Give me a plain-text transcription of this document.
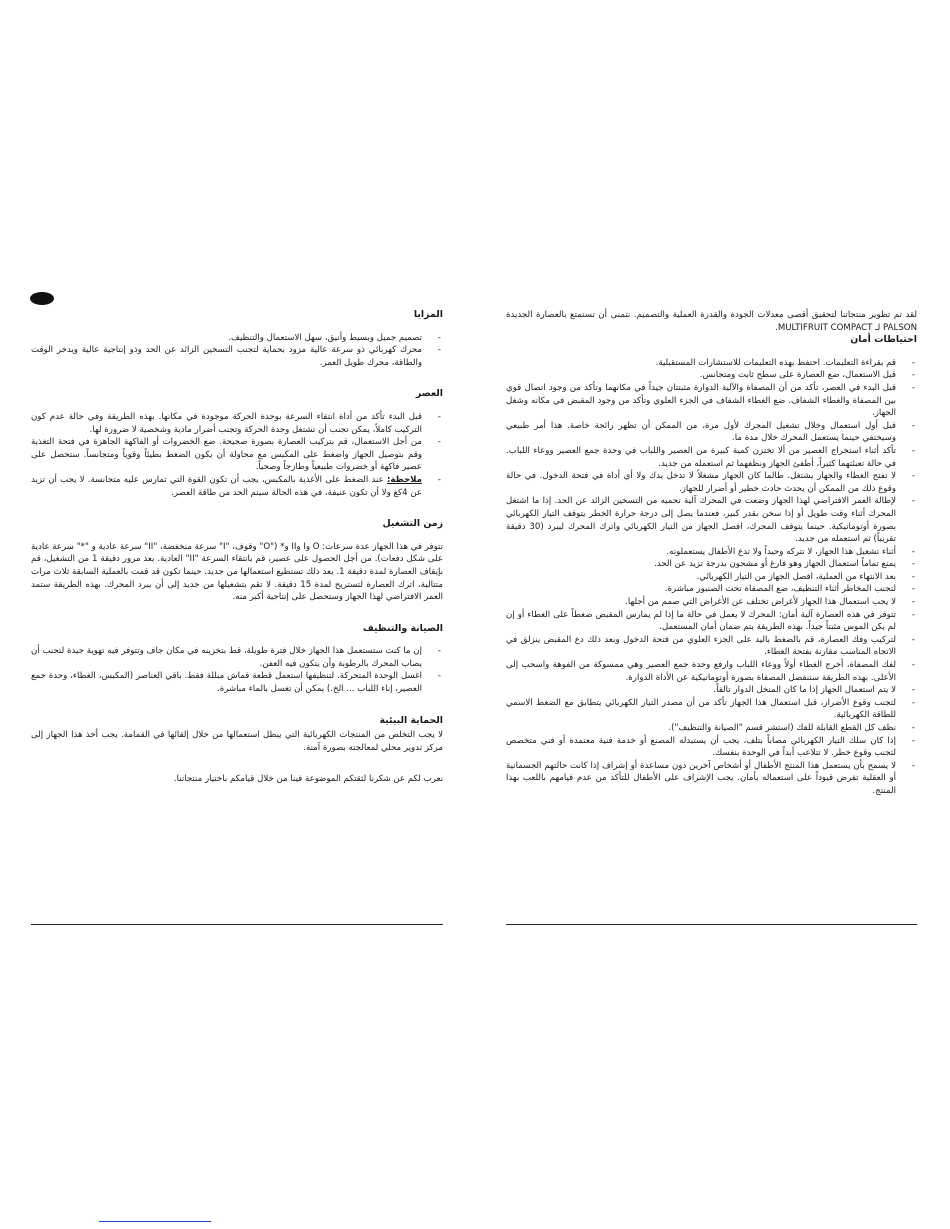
المزايا
- تصميم جميل وبسيط وأنيق، سهل الاستعمال والتنظيف.
- محرك كهربائي ذو سرعة عالية مزود بحماية لتجنب التسخين الزائد عن الحد وذو إنتاجية عالية ويدخر الوقت والطاقة، محرك طويل العمر.
العصر
- قبل البدء تأكد من أداة انتقاء السرعة بوحدة الحركة موجودة في مكانها. بهذه الطريقة وفي حالة عدم كون التركيب كاملاً، يمكن تجنب أن تشتغل وحدة الحركة وتجنب أضرار مادية وشخصية لا ضرورة لها.
- من أجل الاستعمال، قم بتركيب العصارة بصورة صحيحة. ضع الخضروات أو الفاكهة الجاهزة في فتحة التغذية وقم بتوصيل الجهاز واضغط على المكبس مع محاولة أن يكون الضغط بطيئاً وقوياً ومتجانساً. ستحصل على عصير فاكهة أو خضروات طبيعياً وطازجاً وصحياً.
- ملاحظة: عند الضغط على الأغذية بالمكبس، يجب أن تكون القوة التي تمارس عليه متجانسة. لا يجب أن تزيد عن 4كغ ولا أن تكون عنيفة، في هذه الحالة سيتم الحد من طاقة العصر.
زمن التشغيل

تتوفر في هذا الجهاز عدة سرعات: O وI وII و* ("O" وقوف، "I" سرعة منخفضة، "II" سرعة عادية و "*" سرعة عادية على شكل دفعات). من أجل الحصول على عصير، قم بانتقاء السرعة "II" العادية. بعد مرور دقيقة 1 من التشغيل، قم بإيقاف العصارة لمدة دقيقة 1. بعد ذلك تستطيع استعمالها من جديد. حينما تكون قد قمت بالعملية السابقة ثلاث مرات متتالية، اترك العصارة لتستريح لمدة 15 دقيقة. لا تقم بتشغيلها من جديد إلى أن يبرد المحرك. بهذه الطريقة ستمد العمر الافتراضي لهذا الجهاز وستحصل على إنتاجية أكبر منه.

الصيانة والتنظيف
- إن ما كنت ستستعمل هذا الجهاز خلال فترة طويلة، قط بتخزينه في مكان جاف وتتوفر فيه تهوية جيدة لتجنب أن يصاب المحرك بالرطوبة وأن يتكون فيه العفن.
- اغسل الوحدة المتحركة. لتنظيفها استعمل قطعة قماش مبللة فقط. باقي العناصر (المكبس، الغطاء، وحدة جمع العصير، إناء اللباب ... الخ.) يمكن أن تغسل بالماء مباشرة.
الحماية البيئية

لا يجب التخلص من المنتجات الكهربائية التي يبطل استعمالها من خلال إلقائها في القمامة. يجب أخذ هذا الجهاز إلى مركز تدوير محلي لمعالجته بصورة آمنة.

نعرب لكم عن شكرنا لثقتكم الموضوعة فينا من خلال قيامكم باختيار منتجاتنا.

لقد تم تطوير منتجاتنا لتحقيق أقصى معدلات الجودة والقدرة العملية والتصميم. نتمنى أن تستمتع بالعصارة الجديدة PALSON لـ MULTIFRUIT COMPACT.

احتياطات أمان
- قم بقراءة التعليمات. احتفظ بهذه التعليمات للاستشارات المستقبلية.
- قبل الاستعمال، ضع العصارة على سطح ثابت ومتجانس.
- قبل البدء في العصر، تأكد من أن المصفاة والآلية الدوارة مثبتتان جيداً في مكانهما وتأكد من وجود اتصال قوي بين المصفاة والغطاء الشفاف. ضع الغطاء الشفاف في الجزء العلوي وتأكد من وجود المقبض في مكانه وشغل الجهاز.
- قبل أول استعمال وخلال تشغيل المحرك لأول مرة، من الممكن أن تظهر رائحة خاصة. هذا أمر طبيعي وسيختفي حينما يستعمل المحرك خلال مدة ما.
- تأكد أثناء استخراج العصير من ألا تختزن كمية كبيرة من العصير واللباب في وحدة جمع العصير ووعاء اللباب. في حالة تعبئتهما كثيراً، أطفئ الجهاز ونظفهما ثم استعمله من جديد.
- لا تفتح الغطاء والجهاز يشتغل. طالما كان الجهاز مشغلاً لا تدخل يدك ولا أي أداة في فتحة الدخول. في حالة وقوع ذلك من الممكن أن يحدث حادث خطير أو أضرار للجهاز.
- لإطالة العمر الافتراضي لهذا الجهاز وضعت في المحرك آلية تحميه من التسخين الزائد عن الحد. إذا ما اشتغل المحرك أثناء وقت طويل أو إذا سخن بقدر كبير، فعندما يصل إلى درجة حرارة الخطر يتوقف التيار الكهربائي بصورة أوتوماتيكية. حينما يتوقف المحرك، افصل الجهاز من التيار الكهربائي واترك المحرك ليبرد (30 دقيقة تقريباً) ثم استعمله من جديد.
- أثناء تشغيل هذا الجهاز، لا تتركه وحيداً ولا تدع الأطفال يستعملونه.
- يمنع تماماً استعمال الجهاز وهو فارغ أو مشحون بدرجة تزيد عن الحد.
- بعد الانتهاء من العملية، افصل الجهاز من التيار الكهربائي.
- لتجنب المخاطر أثناء التنظيف، ضع المصفاة تحت الصنبور مباشرة.
- لا يجب استعمال هذا الجهاز لأغراض تختلف عن الأغراض التي صمم من أجلها.
- تتوفر في هذه العصارة آلية أمان: المحرك لا يعمل في حالة ما إذا لم يمارس المقبض ضغطاً على الغطاء أو إن لم يكن الموس مثبتاً جيداً. بهذه الطريقة يتم ضمان أمان المستعمل.
- لتركيب وفك العصارة، قم بالضغط باليد على الجزء العلوي من فتحة الدخول وبعد ذلك دع المقبض ينزلق في الاتجاه المناسب مقارنة بفتحة الغطاء.
- لفك المصفاة، أخرج الغطاء أولاً ووعاء اللباب وارفع وحدة جمع العصير وهي ممسوكة من الفوهة واسحب إلى الأعلى. بهذه الطريقة ستنفصل المصفاة بصورة أوتوماتيكية عن الأداة الدوارة.
- لا يتم استعمال الجهاز إذا ما كان المنخل الدوار تالفاً.
- لتجنب وقوع الأضرار، قبل استعمال هذا الجهاز تأكد من أن مصدر التيار الكهربائي يتطابق مع الضغط الاسمي للطاقة الكهربائية.
- نظف كل القطع القابلة للفك (استشر قسم "الصيانة والتنظيف").
- إذا كان سلك التيار الكهربائي مصاباً بتلف، يجب أن يستبدله المصنع أو خدمة فنية معتمدة أو فني متخصص لتجنب وقوع خطر. لا تتلاعب أبداً في الوحدة بنفسك.
- لا يسمح بأن يستعمل هذا المنتج الأطفال أو أشخاص آخرين دون مساعدة أو إشراف إذا كانت حالتهم الجسمانية أو العقلية تفرض قيوداً على استعماله بأمان. يجب الإشراف على الأطفال للتأكد من عدم قيامهم باللعب بهذا المنتج.
